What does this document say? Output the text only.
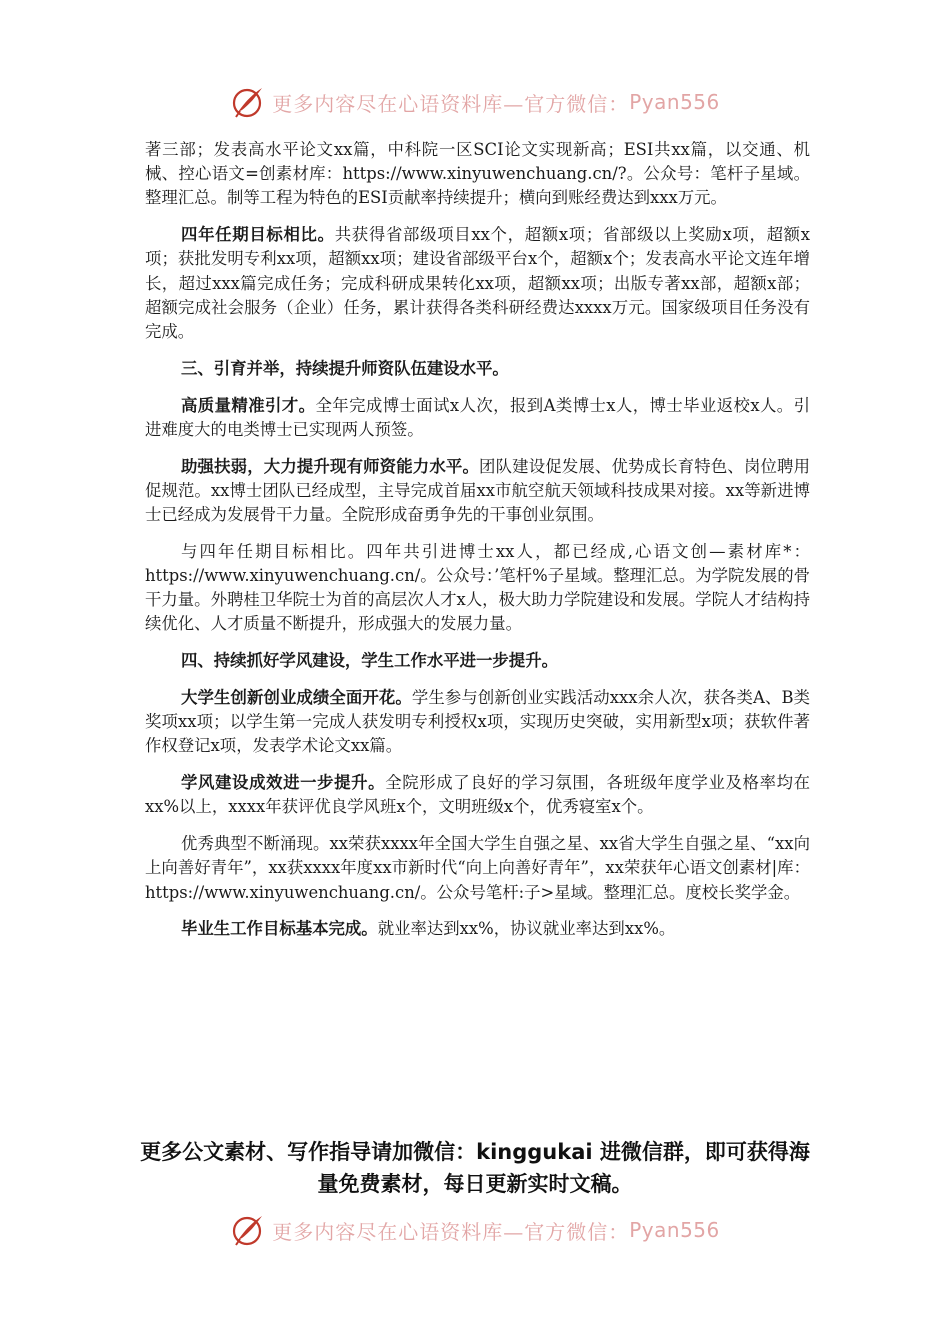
更多内容尽在心语资料库—官方微信： Pyan556

著三部；发表高水平论文xx篇，中科院一区SCI论文实现新高；ESI共xx篇，以交通、机械、控心语文=创素材库：https://www.xinyuwenchuang.cn/?。公众号：笔杆子星域。整理汇总。制等工程为特色的ESI贡献率持续提升；横向到账经费达到xxx万元。

四年任期目标相比。共获得省部级项目xx个，超额x项；省部级以上奖励x项，超额x项；获批发明专利xx项，超额xx项；建设省部级平台x个，超额x个；发表高水平论文连年增长，超过xxx篇完成任务；完成科研成果转化xx项，超额xx项；出版专著xx部，超额x部；超额完成社会服务（企业）任务，累计获得各类科研经费达xxxx万元。国家级项目任务没有完成。

三、引育并举，持续提升师资队伍建设水平。

高质量精准引才。全年完成博士面试x人次，报到A类博士x人，博士毕业返校x人。引进难度大的电类博士已实现两人预签。

助强扶弱，大力提升现有师资能力水平。团队建设促发展、优势成长育特色、岗位聘用促规范。xx博士团队已经成型，主导完成首届xx市航空航天领域科技成果对接。xx等新进博士已经成为发展骨干力量。全院形成奋勇争先的干事创业氛围。

与四年任期目标相比。四年共引进博士xx人，都已经成,心语文创—素材库*：https://www.xinyuwenchuang.cn/。公众号：’笔杆%子星域。整理汇总。为学院发展的骨干力量。外聘桂卫华院士为首的高层次人才x人，极大助力学院建设和发展。学院人才结构持续优化、人才质量不断提升，形成强大的发展力量。

四、持续抓好学风建设，学生工作水平进一步提升。

大学生创新创业成绩全面开花。学生参与创新创业实践活动xxx余人次，获各类A、B类奖项xx项；以学生第一完成人获发明专利授权x项，实现历史突破，实用新型x项；获软件著作权登记x项，发表学术论文xx篇。

学风建设成效进一步提升。全院形成了良好的学习氛围，各班级年度学业及格率均在xx%以上，xxxx年获评优良学风班x个，文明班级x个，优秀寝室x个。

优秀典型不断涌现。xx荣获xxxx年全国大学生自强之星、xx省大学生自强之星、“xx向上向善好青年”，xx获xxxx年度xx市新时代“向上向善好青年”，xx荣获年心语文创素材|库：https://www.xinyuwenchuang.cn/。公众号笔杆:子>星域。整理汇总。度校长奖学金。

毕业生工作目标基本完成。就业率达到xx%，协议就业率达到xx%。

更多公文素材、写作指导请加微信：kinggukai 进微信群，即可获得海量免费素材，每日更新实时文稿。
更多内容尽在心语资料库—官方微信： Pyan556
